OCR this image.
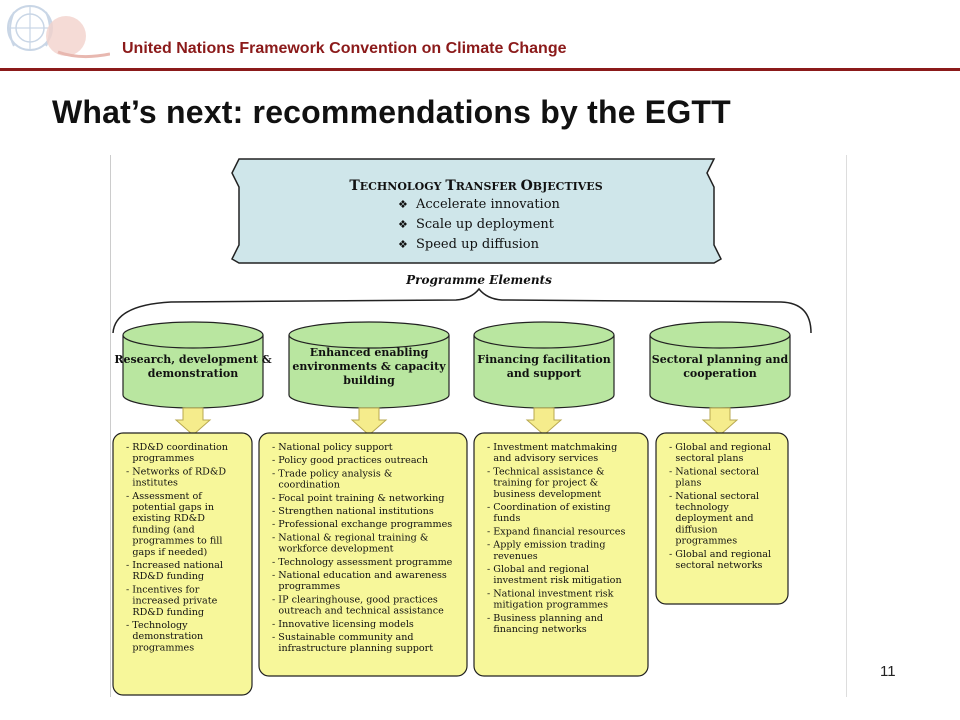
United Nations Framework Convention on Climate Change
What’s next: recommendations by the EGTT
TECHNOLOGY TRANSFER OBJECTIVES
❖ Accelerate innovation
❖ Scale up deployment
❖ Speed up diffusion
Programme Elements
Research, development &
demonstration
- RD&D coordination
programmes
- Networks of RD&D
institutes
- Assessment of
potential gaps in
existing RD&D
funding (and
programmes to fill
gaps if needed)
- Increased national
RD&D funding
- Incentives for
increased private
RD&D funding
- Technology
demonstration
programmes
Enhanced enabling
environments & capacity
building
- National policy support
- Policy good practices outreach
- Trade policy analysis &
coordination
- Focal point training & networking
- Strengthen national institutions
- Professional exchange programmes
- National & regional training &
workforce development
- Technology assessment programme
- National education and awareness
programmes
- IP clearinghouse, good practices
outreach and technical assistance
- Innovative licensing models
- Sustainable community and
infrastructure planning support
Financing facilitation
and support
- Investment matchmaking
and advisory services
- Technical assistance &
training for project &
business development
- Coordination of existing
funds
- Expand financial resources
- Apply emission trading
revenues
- Global and regional
investment risk mitigation
- National investment risk
mitigation programmes
- Business planning and
financing networks
Sectoral planning and
cooperation
- Global and regional
sectoral plans
- National sectoral
plans
- National sectoral
technology
deployment and
diffusion
programmes
- Global and regional
sectoral networks
11
